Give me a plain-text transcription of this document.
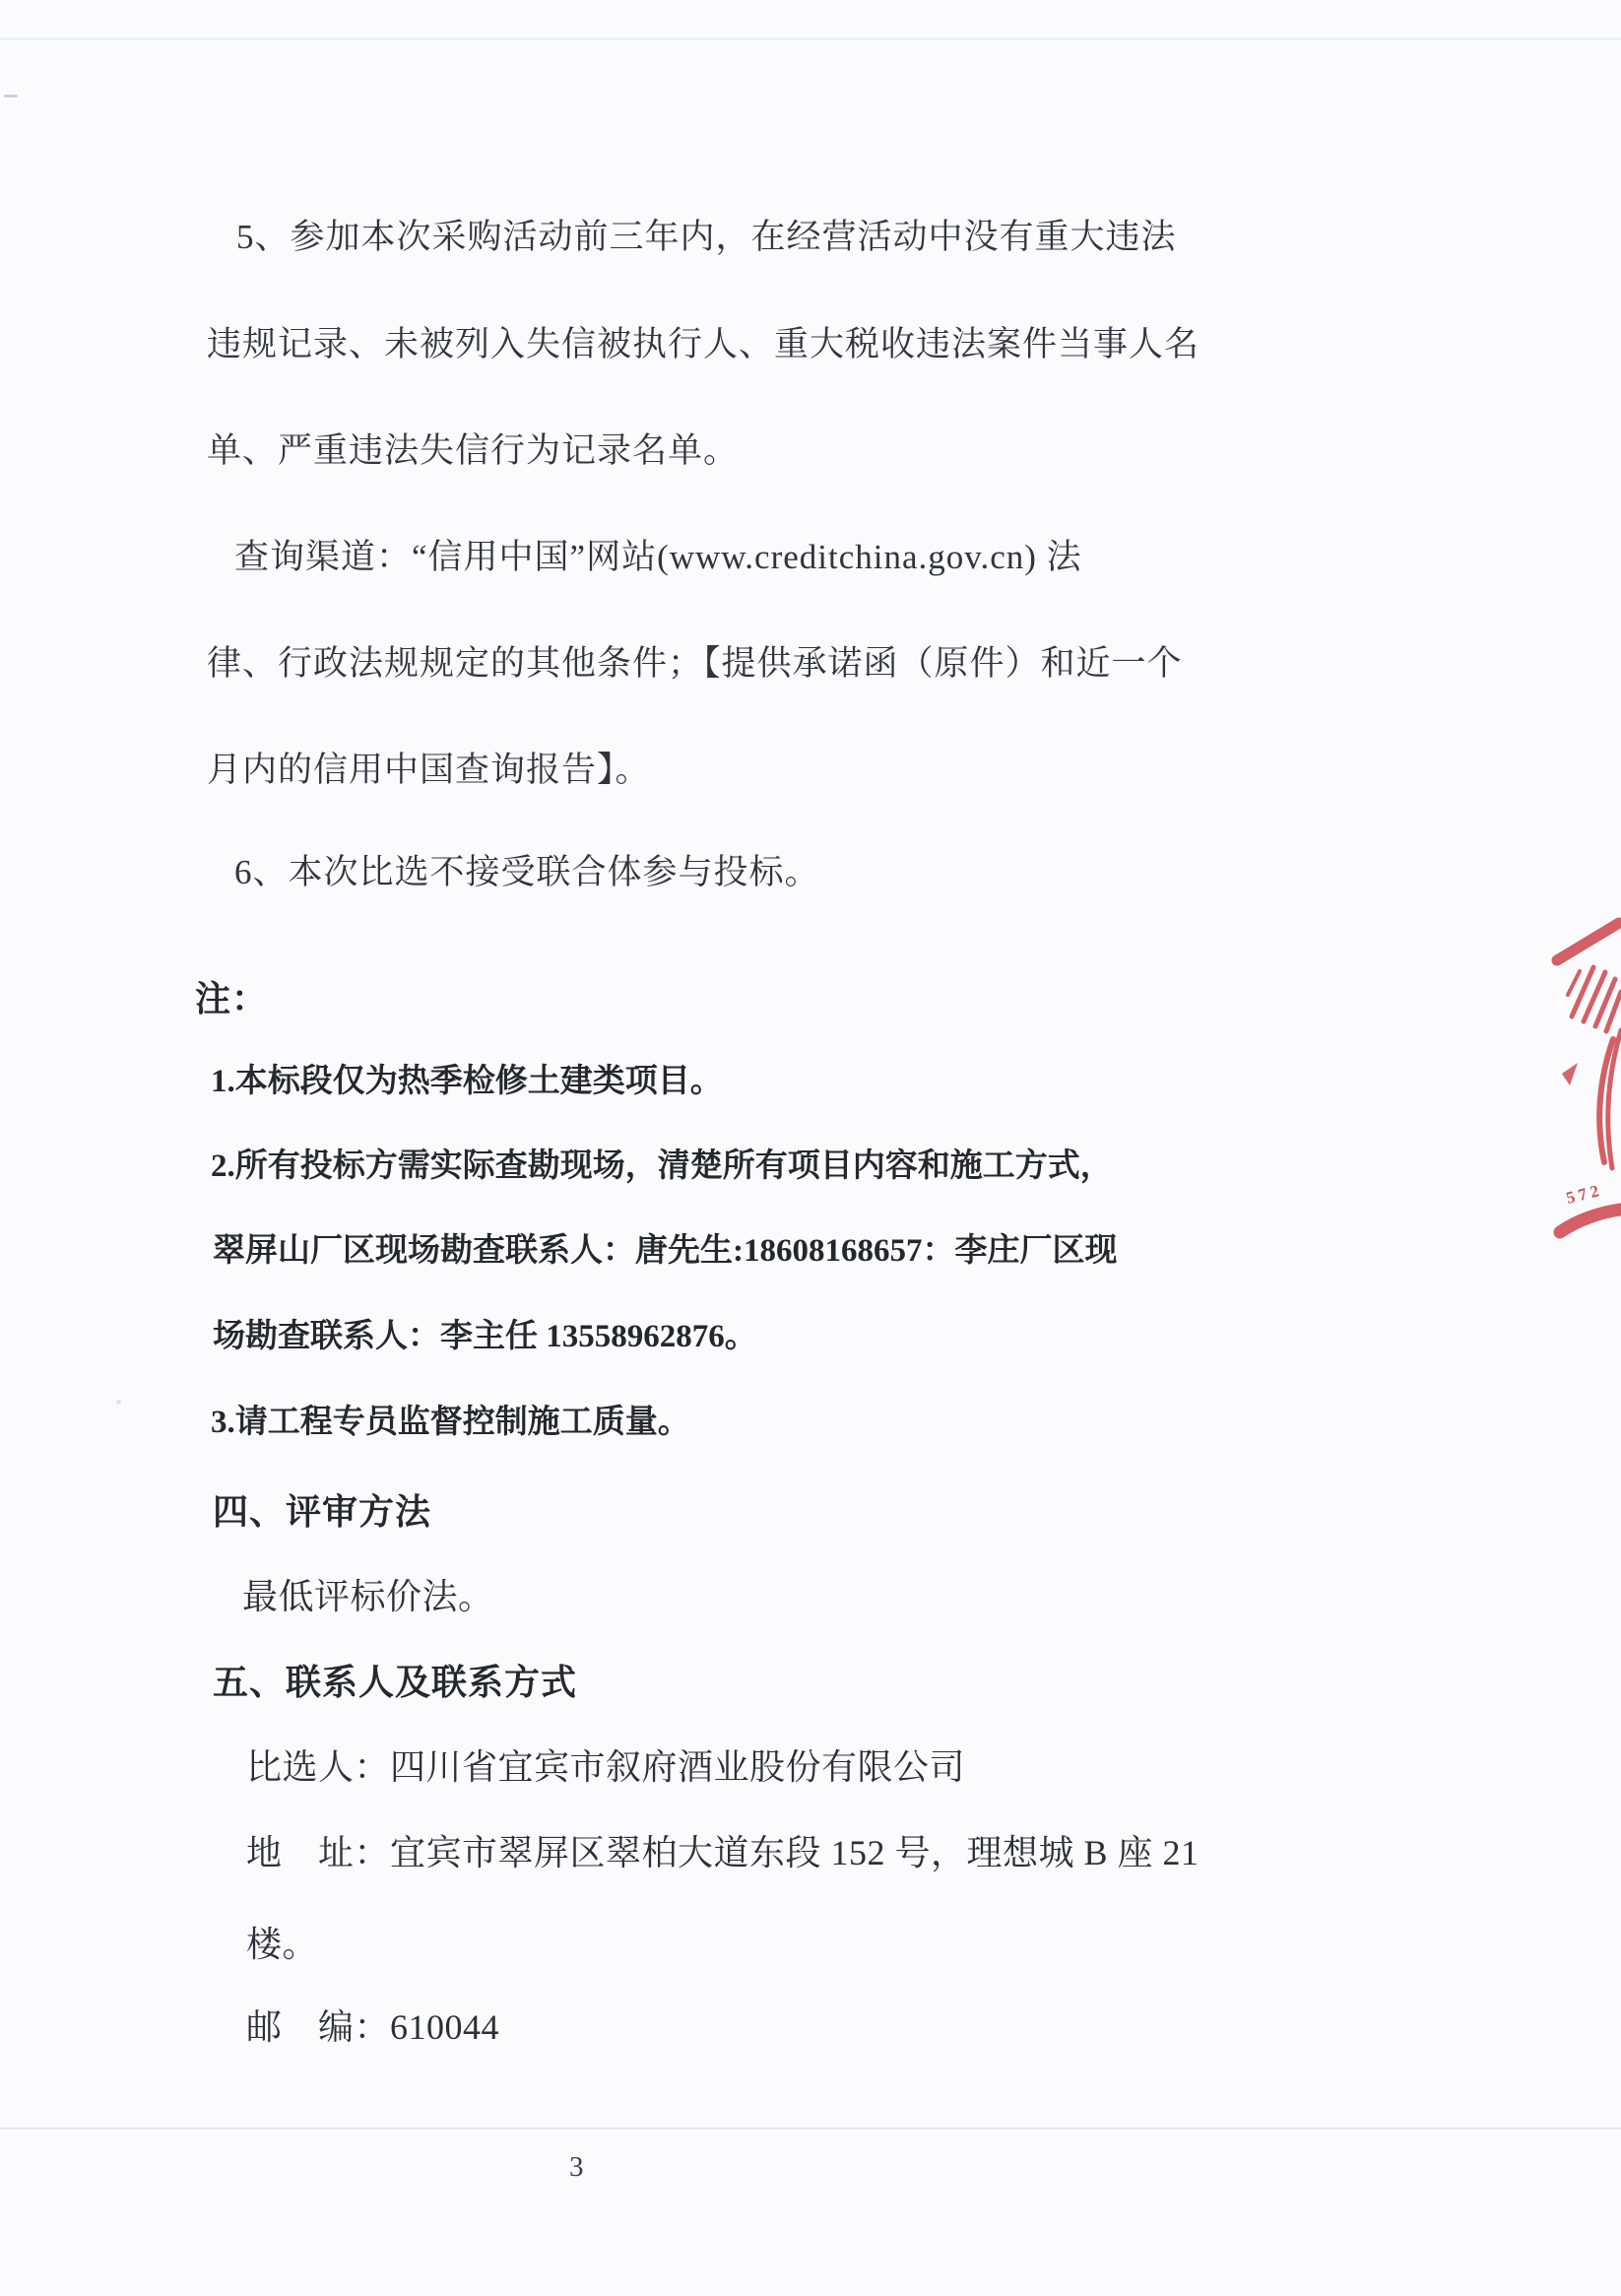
5、参加本次采购活动前三年内，在经营活动中没有重大违法
违规记录、未被列入失信被执行人、重大税收违法案件当事人名
单、严重违法失信行为记录名单。
查询渠道：“信用中国”网站(www.creditchina.gov.cn) 法
律、行政法规规定的其他条件；【提供承诺函（原件）和近一个
月内的信用中国查询报告】。
6、本次比选不接受联合体参与投标。
注：
1.本标段仅为热季检修土建类项目。
2.所有投标方需实际查勘现场，清楚所有项目内容和施工方式，
翠屏山厂区现场勘查联系人：唐先生:18608168657：李庄厂区现
场勘查联系人：李主任 13558962876。
3.请工程专员监督控制施工质量。
四、评审方法
最低评标价法。
五、联系人及联系方式
比选人：四川省宜宾市叙府酒业股份有限公司
地　址：宜宾市翠屏区翠柏大道东段 152 号，理想城 B 座 21
楼。
邮　编：610044
572
3
